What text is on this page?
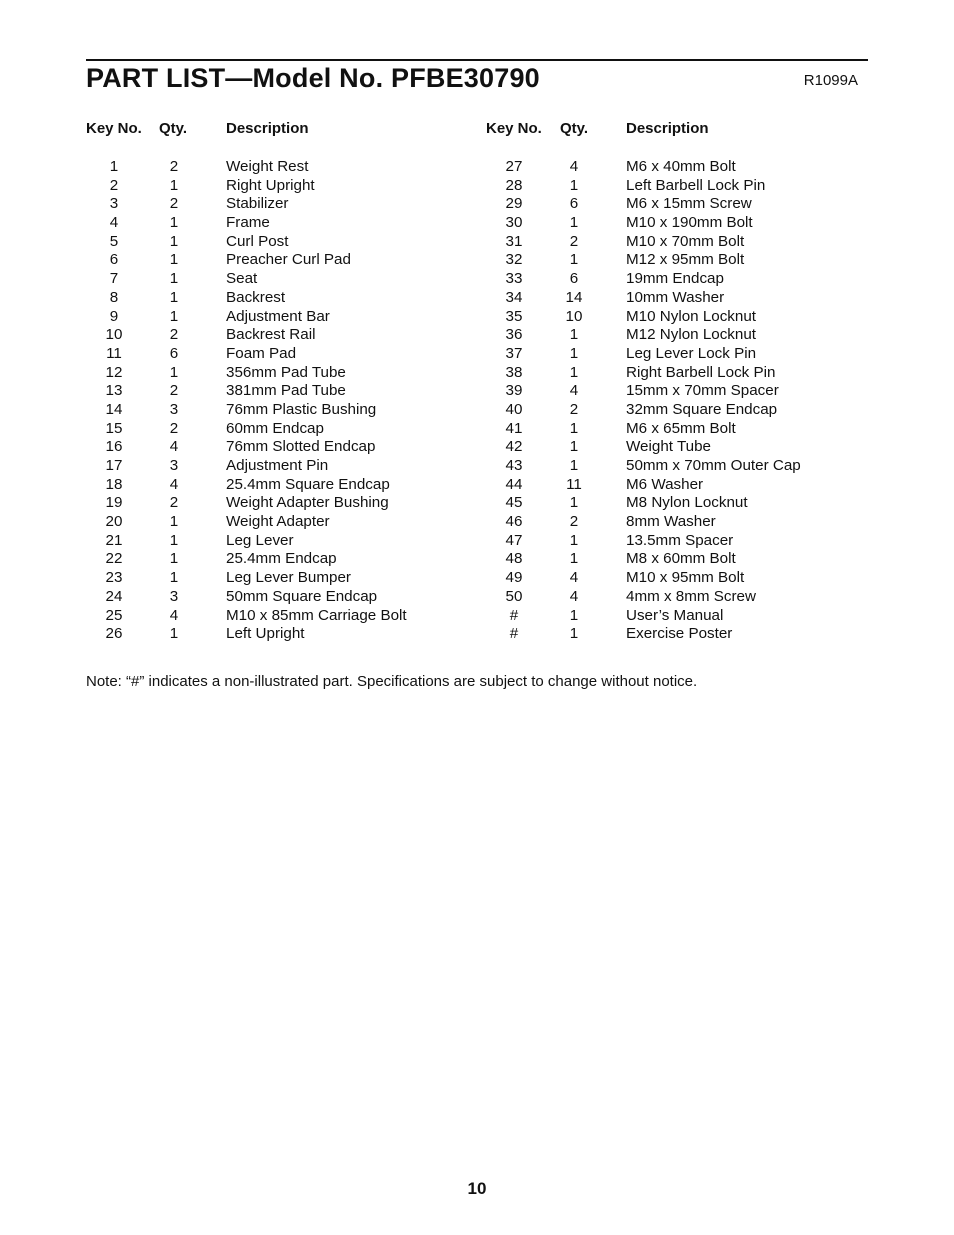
PART LIST—Model No. PFBE30790	R1099A
Key No. Qty.	Description	Key No. Qty.	Description
1	2	Weight Rest	27	4	M6 x 40mm Bolt
2	1	Right Upright	28	1	Left Barbell Lock Pin
3	2	Stabilizer	29	6	M6 x 15mm Screw
4	1	Frame	30	1	M10 x 190mm Bolt
5	1	Curl Post	31	2	M10 x 70mm Bolt
6	1	Preacher Curl Pad	32	1	M12 x 95mm Bolt
7	1	Seat	33	6	19mm Endcap
8	1	Backrest	34	14	10mm Washer
9	1	Adjustment Bar	35	10	M10 Nylon Locknut
10	2	Backrest Rail	36	1	M12 Nylon Locknut
11	6	Foam Pad	37	1	Leg Lever Lock Pin
12	1	356mm Pad Tube	38	1	Right Barbell Lock Pin
13	2	381mm Pad Tube	39	4	15mm x 70mm Spacer
14	3	76mm Plastic Bushing	40	2	32mm Square Endcap
15	2	60mm Endcap	41	1	M6 x 65mm Bolt
16	4	76mm Slotted Endcap	42	1	Weight Tube
17	3	Adjustment Pin	43	1	50mm x 70mm Outer Cap
18	4	25.4mm Square Endcap	44	11	M6 Washer
19	2	Weight Adapter Bushing	45	1	M8 Nylon Locknut
20	1	Weight Adapter	46	2	8mm Washer
21	1	Leg Lever	47	1	13.5mm Spacer
22	1	25.4mm Endcap	48	1	M8 x 60mm Bolt
23	1	Leg Lever Bumper	49	4	M10 x 95mm Bolt
24	3	50mm Square Endcap	50	4	4mm x 8mm Screw
25	4	M10 x 85mm Carriage Bolt	#	1	User’s Manual
26	1	Left Upright	#	1	Exercise Poster
Note: “#” indicates a non-illustrated part. Specifications are subject to change without notice.
10
